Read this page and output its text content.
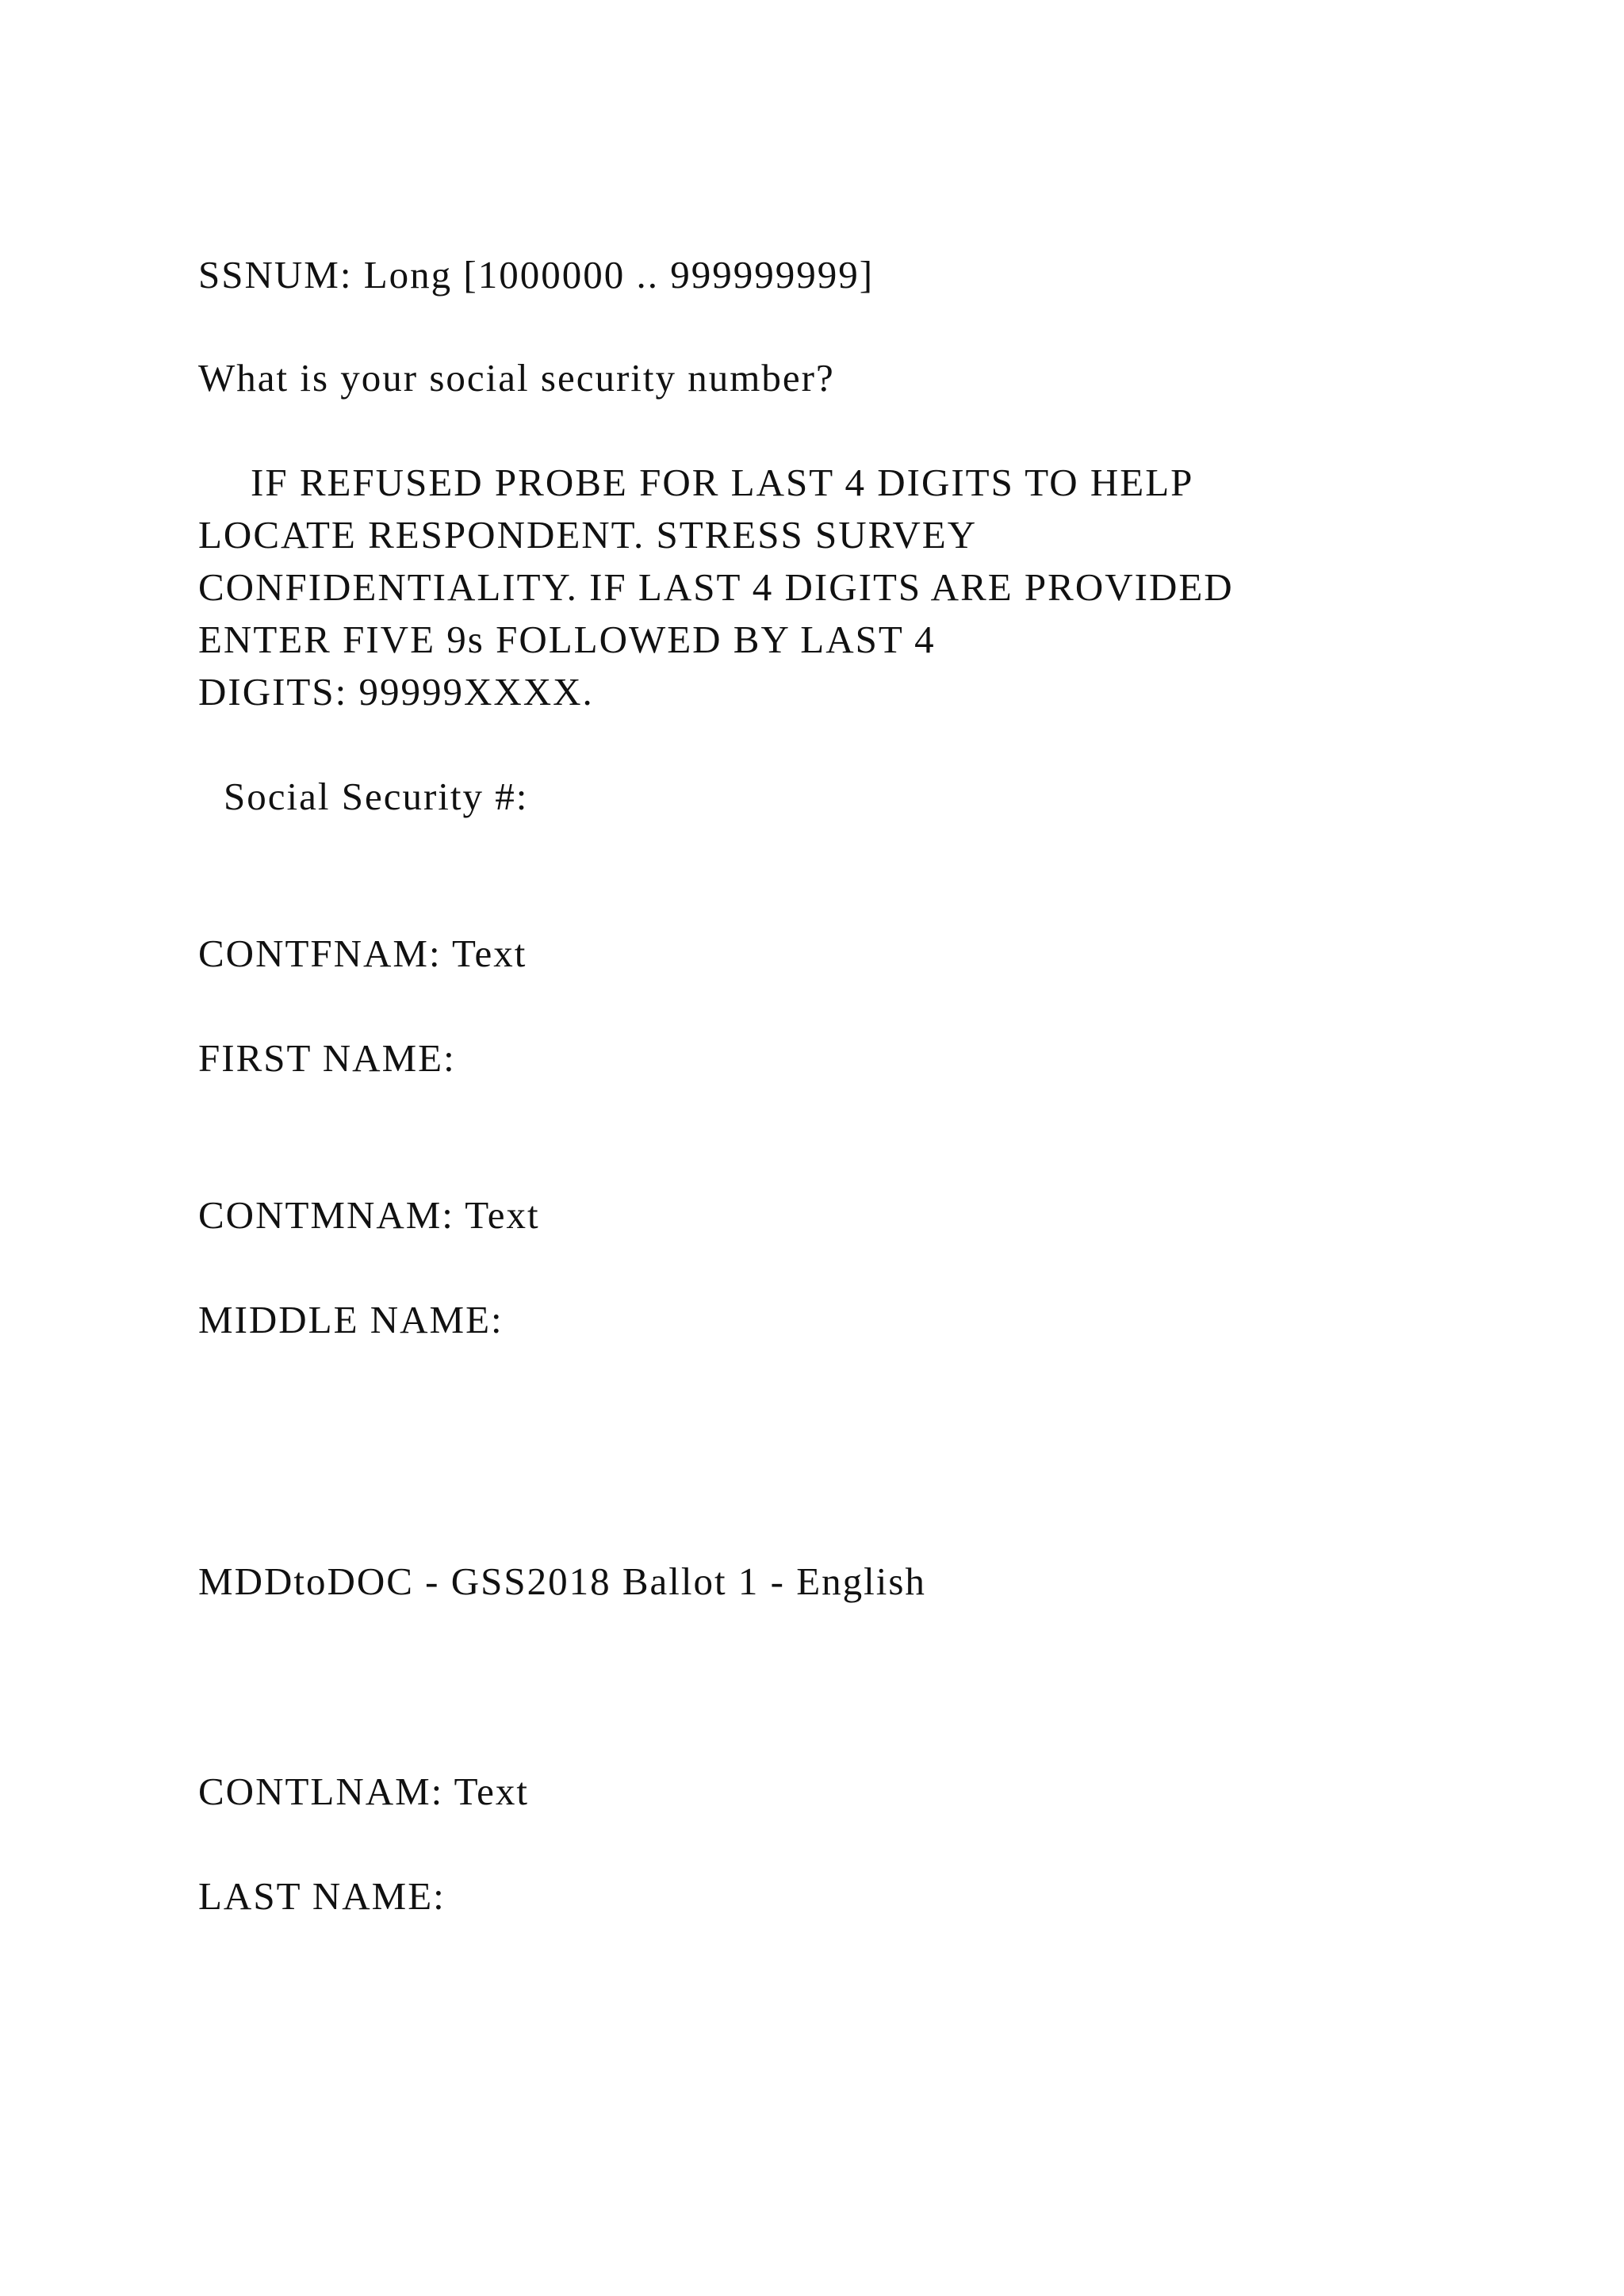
SSNUM: Long [1000000 .. 999999999]
What is your social security number?
IF REFUSED PROBE FOR LAST 4 DIGITS TO HELP
LOCATE RESPONDENT. STRESS SURVEY
CONFIDENTIALITY. IF LAST 4 DIGITS ARE PROVIDED
ENTER FIVE 9s FOLLOWED BY LAST 4
DIGITS: 99999XXXX.
Social Security #:
CONTFNAM: Text
FIRST NAME:
CONTMNAM: Text
MIDDLE NAME:
MDDtoDOC - GSS2018 Ballot 1 - English
CONTLNAM: Text
LAST NAME:
